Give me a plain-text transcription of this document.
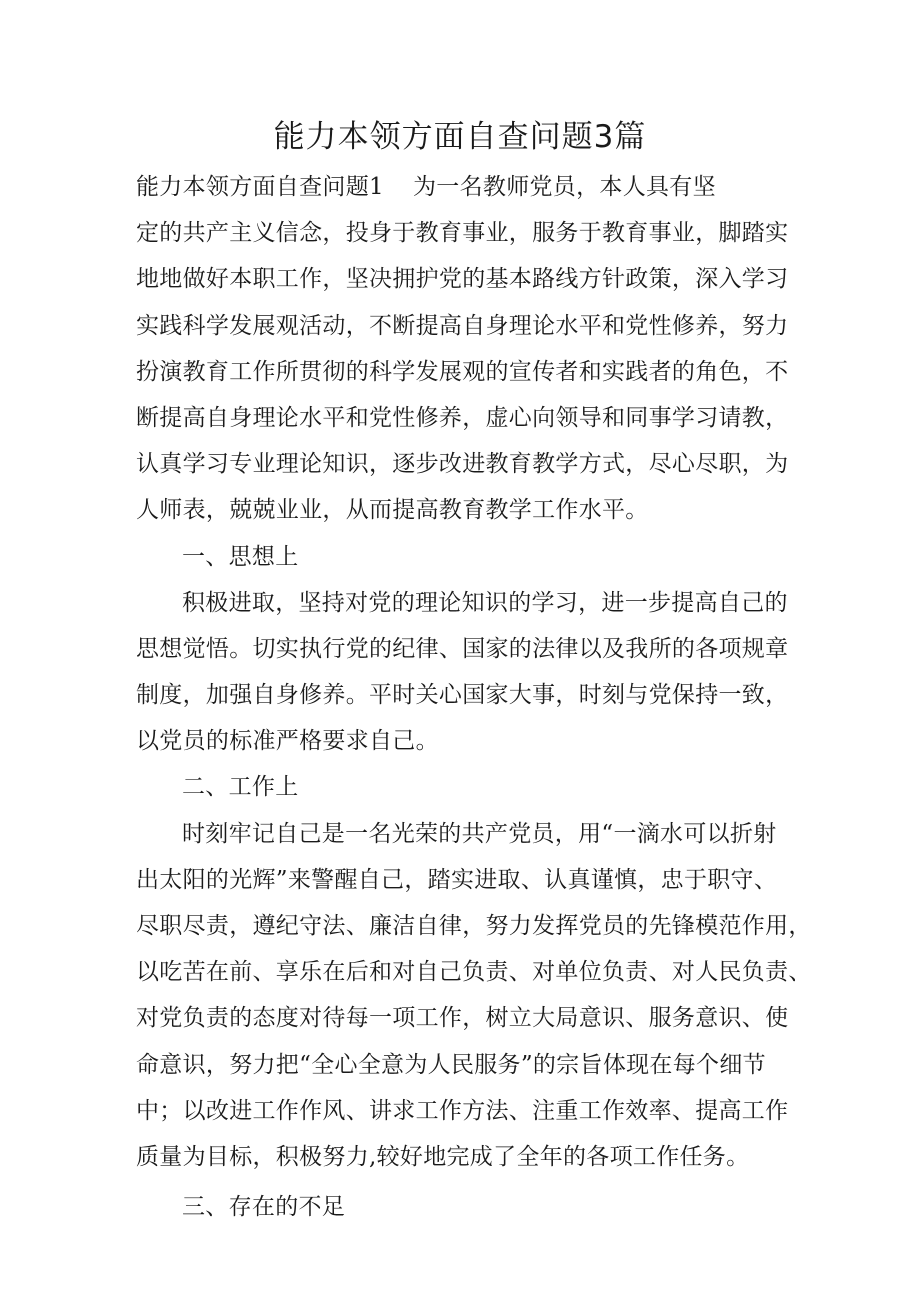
能力本领方面自查问题3篇
能力本领方面自查问题1 为一名教师党员，本人具有坚
定的共产主义信念，投身于教育事业，服务于教育事业，脚踏实
地地做好本职工作，坚决拥护党的基本路线方针政策，深入学习
实践科学发展观活动，不断提高自身理论水平和党性修养，努力
扮演教育工作所贯彻的科学发展观的宣传者和实践者的角色，不
断提高自身理论水平和党性修养，虚心向领导和同事学习请教，
认真学习专业理论知识，逐步改进教育教学方式，尽心尽职，为
人师表，兢兢业业，从而提高教育教学工作水平。
一、思想上
积极进取，坚持对党的理论知识的学习，进一步提高自己的
思想觉悟。切实执行党的纪律、国家的法律以及我所的各项规章
制度，加强自身修养。平时关心国家大事，时刻与党保持一致，
以党员的标准严格要求自己。
二、工作上
时刻牢记自己是一名光荣的共产党员，用“一滴水可以折射
出太阳的光辉”来警醒自己，踏实进取、认真谨慎，忠于职守、
尽职尽责，遵纪守法、廉洁自律，努力发挥党员的先锋模范作用，
以吃苦在前、享乐在后和对自己负责、对单位负责、对人民负责、
对党负责的态度对待每一项工作，树立大局意识、服务意识、使
命意识，努力把“全心全意为人民服务”的宗旨体现在每个细节
中；以改进工作作风、讲求工作方法、注重工作效率、提高工作
质量为目标，积极努力,较好地完成了全年的各项工作任务。
三、存在的不足
